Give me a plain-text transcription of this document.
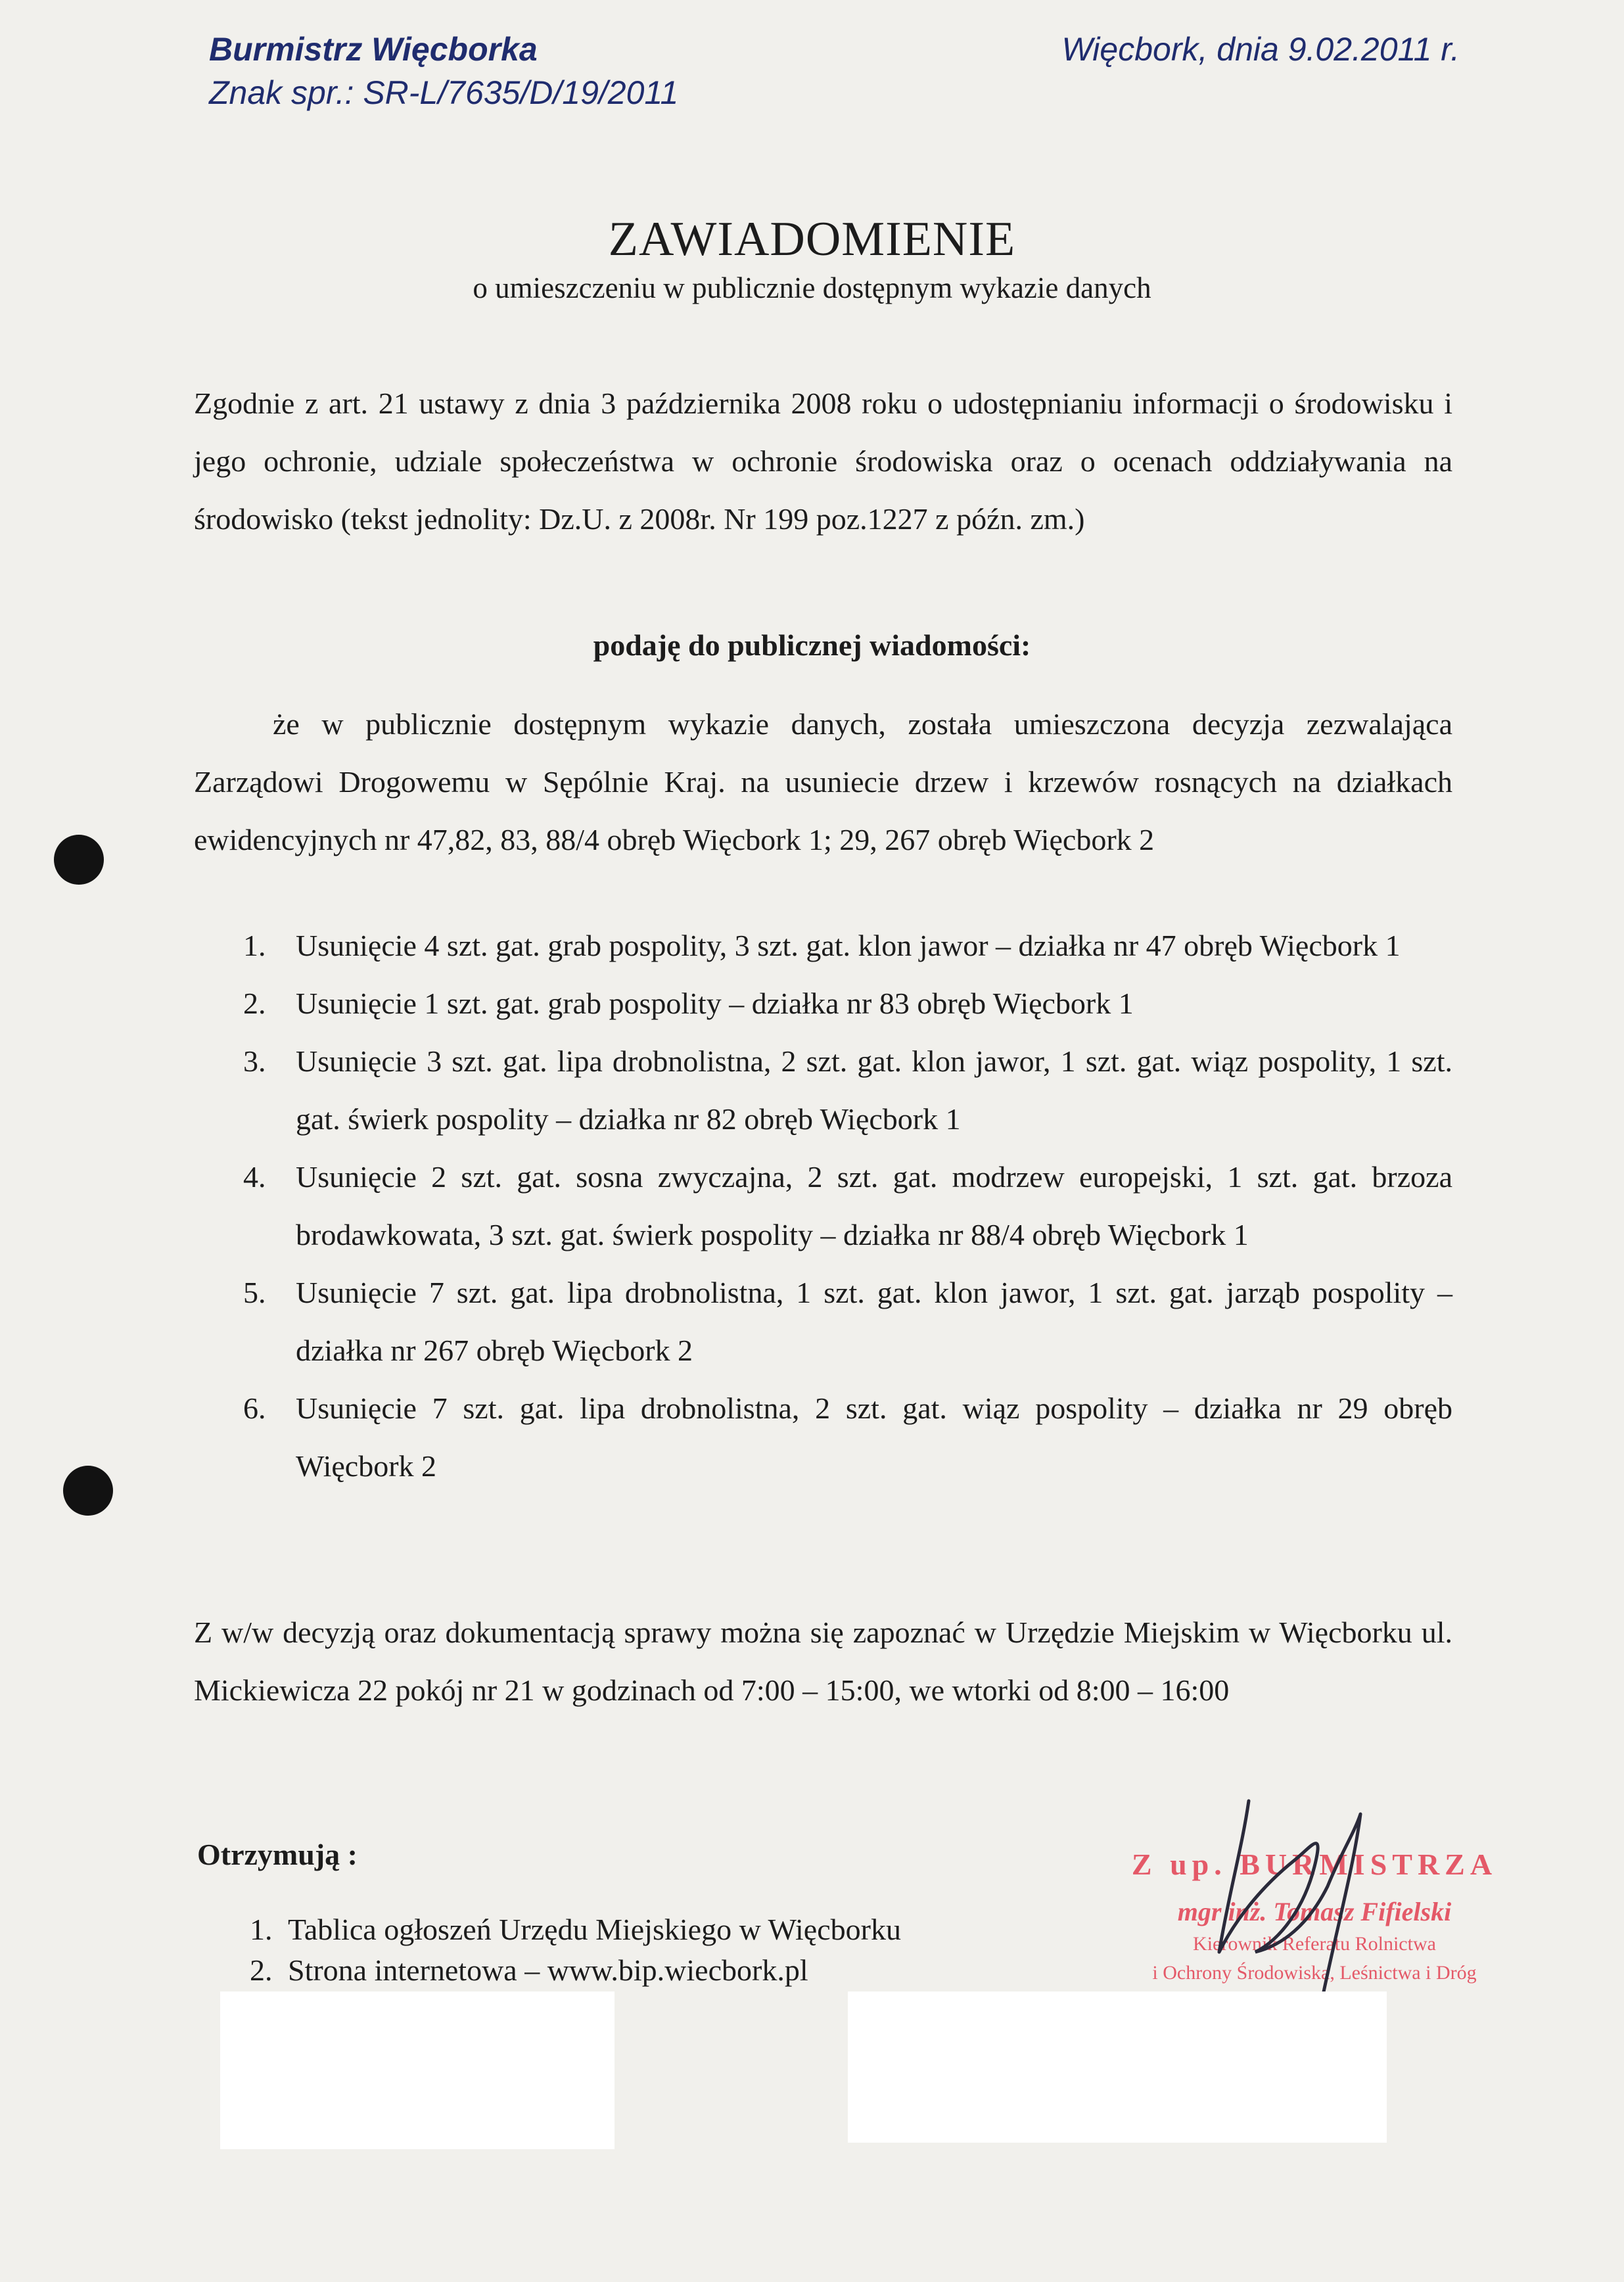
Burmistrz Więcborka
Znak spr.: SR-L/7635/D/19/2011
Więcbork, dnia 9.02.2011 r.
ZAWIADOMIENIE
o umieszczeniu w publicznie dostępnym wykazie danych
Zgodnie z art. 21 ustawy z dnia 3 października 2008 roku o udostępnianiu informacji o środowisku i jego ochronie, udziale społeczeństwa w ochronie środowiska oraz o ocenach oddziaływania na środowisko (tekst jednolity: Dz.U. z 2008r. Nr 199 poz.1227 z późn. zm.)
podaję do publicznej wiadomości:
że w publicznie dostępnym wykazie danych, została umieszczona decyzja zezwalająca Zarządowi Drogowemu w Sępólnie Kraj. na usuniecie drzew i krzewów rosnących na działkach ewidencyjnych nr 47,82, 83, 88/4 obręb Więcbork 1; 29, 267 obręb Więcbork 2
1. Usunięcie 4 szt. gat. grab pospolity, 3 szt. gat. klon jawor – działka nr 47 obręb Więcbork 1
2. Usunięcie 1 szt. gat. grab pospolity – działka nr 83 obręb Więcbork 1
3. Usunięcie 3 szt. gat. lipa drobnolistna, 2 szt. gat. klon jawor, 1 szt. gat. wiąz pospolity, 1 szt. gat. świerk pospolity – działka nr 82 obręb Więcbork 1
4. Usunięcie 2 szt. gat. sosna zwyczajna, 2 szt. gat. modrzew europejski, 1 szt. gat. brzoza brodawkowata, 3 szt. gat. świerk pospolity – działka nr 88/4 obręb Więcbork 1
5. Usunięcie 7 szt. gat. lipa drobnolistna, 1 szt. gat. klon jawor, 1 szt. gat. jarząb pospolity – działka nr 267 obręb Więcbork 2
6. Usunięcie 7 szt. gat. lipa drobnolistna, 2 szt. gat. wiąz pospolity – działka nr 29 obręb Więcbork 2
Z w/w decyzją oraz dokumentacją sprawy można się zapoznać w Urzędzie Miejskim w Więcborku ul. Mickiewicza 22 pokój nr 21 w godzinach od 7:00 – 15:00, we wtorki od 8:00 – 16:00
Otrzymują :
1. Tablica ogłoszeń Urzędu Miejskiego w Więcborku
2. Strona internetowa – www.bip.wiecbork.pl
Z up. BURMISTRZA
mgr inż. Tomasz Fifielski
Kierownik Referatu Rolnictwa
i Ochrony Środowiska, Leśnictwa i Dróg
